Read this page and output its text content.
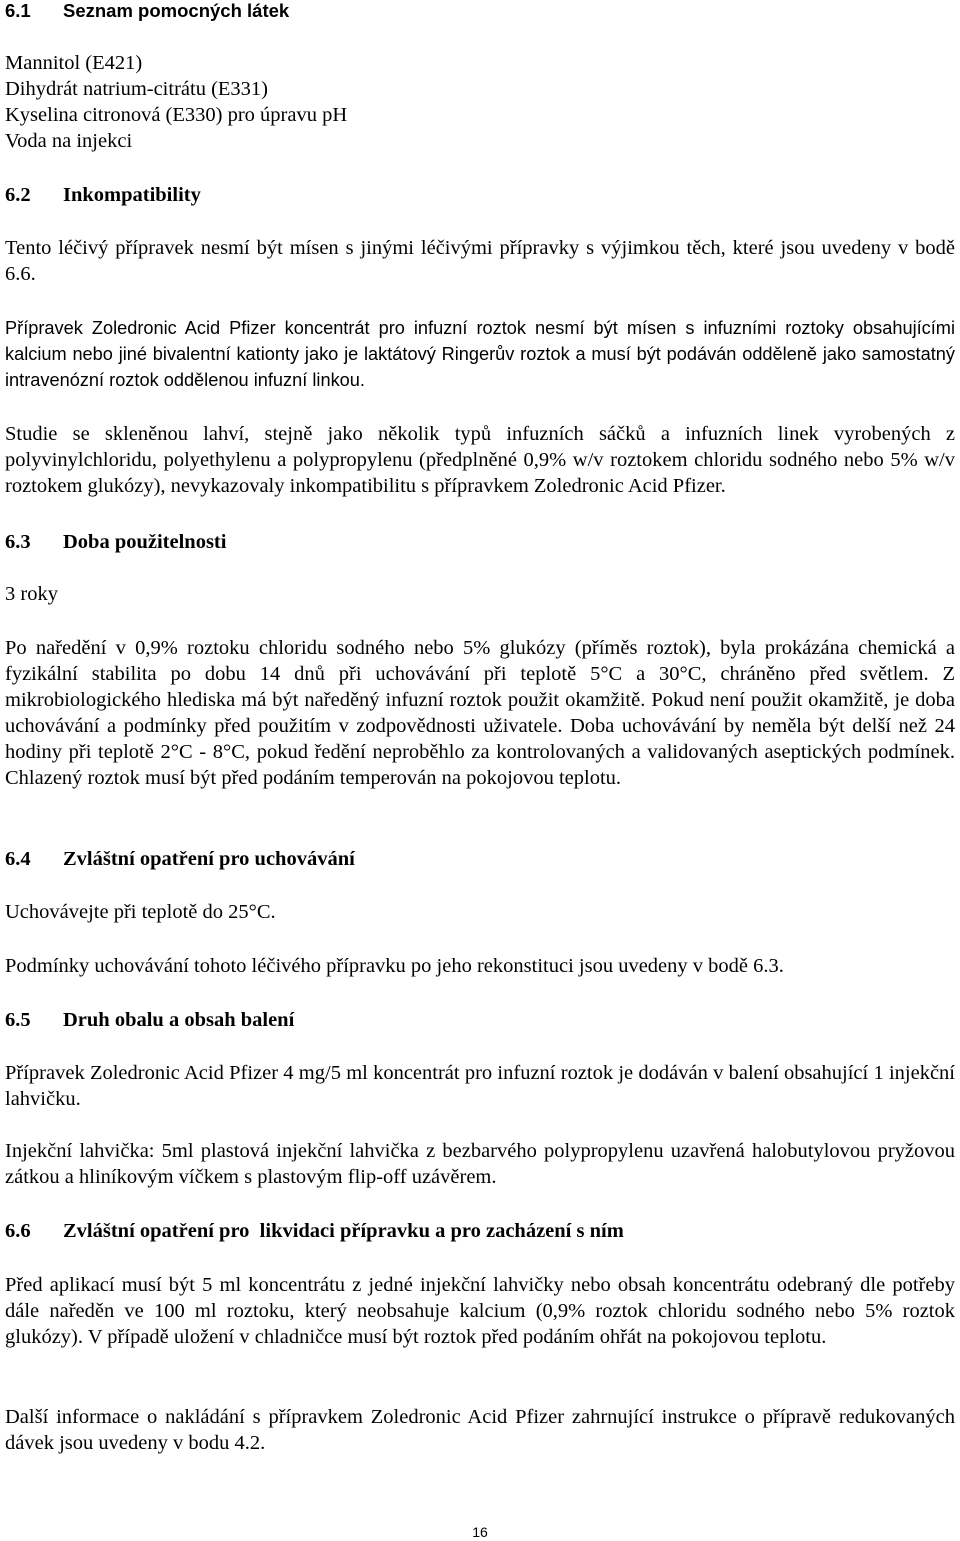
6.1 Seznam pomocných látek
Mannitol (E421)
Dihydrát natrium-citrátu (E331)
Kyselina citronová (E330) pro úpravu pH
Voda na injekci
6.2 Inkompatibility

Tento léčivý přípravek nesmí být mísen s jinými léčivými přípravky s výjimkou těch, které jsou uvedeny v bodě 6.6.

Přípravek Zoledronic Acid Pfizer koncentrát pro infuzní roztok nesmí být mísen s infuzními roztoky obsahujícími kalcium nebo jiné bivalentní kationty jako je laktátový Ringerův roztok a musí být podáván odděleně jako samostatný intravenózní roztok oddělenou infuzní linkou.

Studie se skleněnou lahví, stejně jako několik typů infuzních sáčků a infuzních linek vyrobených z polyvinylchloridu, polyethylenu a polypropylenu (předplněné 0,9% w/v roztokem chloridu sodného nebo 5% w/v roztokem glukózy), nevykazovaly inkompatibilitu s přípravkem Zoledronic Acid Pfizer.

6.3 Doba použitelnosti

3 roky

Po naředění v 0,9% roztoku chloridu sodného nebo 5% glukózy (příměs roztok), byla prokázána chemická a fyzikální stabilita po dobu 14 dnů při uchovávání při teplotě 5°C a 30°C, chráněno před světlem. Z mikrobiologického hlediska má být naředěný infuzní roztok použit okamžitě. Pokud není použit okamžitě, je doba uchovávání a podmínky před použitím v zodpovědnosti uživatele. Doba uchovávání by neměla být delší než 24 hodiny při teplotě 2°C - 8°C, pokud ředění neproběhlo za kontrolovaných a validovaných aseptických podmínek. Chlazený roztok musí být před podáním temperován na pokojovou teplotu.

6.4 Zvláštní opatření pro uchovávání

Uchovávejte při teplotě do 25°C.

Podmínky uchovávání tohoto léčivého přípravku po jeho rekonstituci jsou uvedeny v bodě 6.3.

6.5 Druh obalu a obsah balení

Přípravek Zoledronic Acid Pfizer 4 mg/5 ml koncentrát pro infuzní roztok je dodáván v balení obsahující 1 injekční lahvičku.

Injekční lahvička: 5ml plastová injekční lahvička z bezbarvého polypropylenu uzavřená halobutylovou pryžovou zátkou a hliníkovým víčkem s plastovým flip-off uzávěrem.

6.6 Zvláštní opatření pro  likvidaci přípravku a pro zacházení s ním

Před aplikací musí být 5 ml koncentrátu z jedné injekční lahvičky nebo obsah koncentrátu odebraný dle potřeby dále naředěn ve 100 ml roztoku, který neobsahuje kalcium (0,9% roztok chloridu sodného nebo 5% roztok glukózy). V případě uložení v chladničce musí být roztok před podáním ohřát na pokojovou teplotu.

Další informace o nakládání s přípravkem Zoledronic Acid Pfizer zahrnující instrukce o přípravě redukovaných dávek jsou uvedeny v bodu 4.2.

16
